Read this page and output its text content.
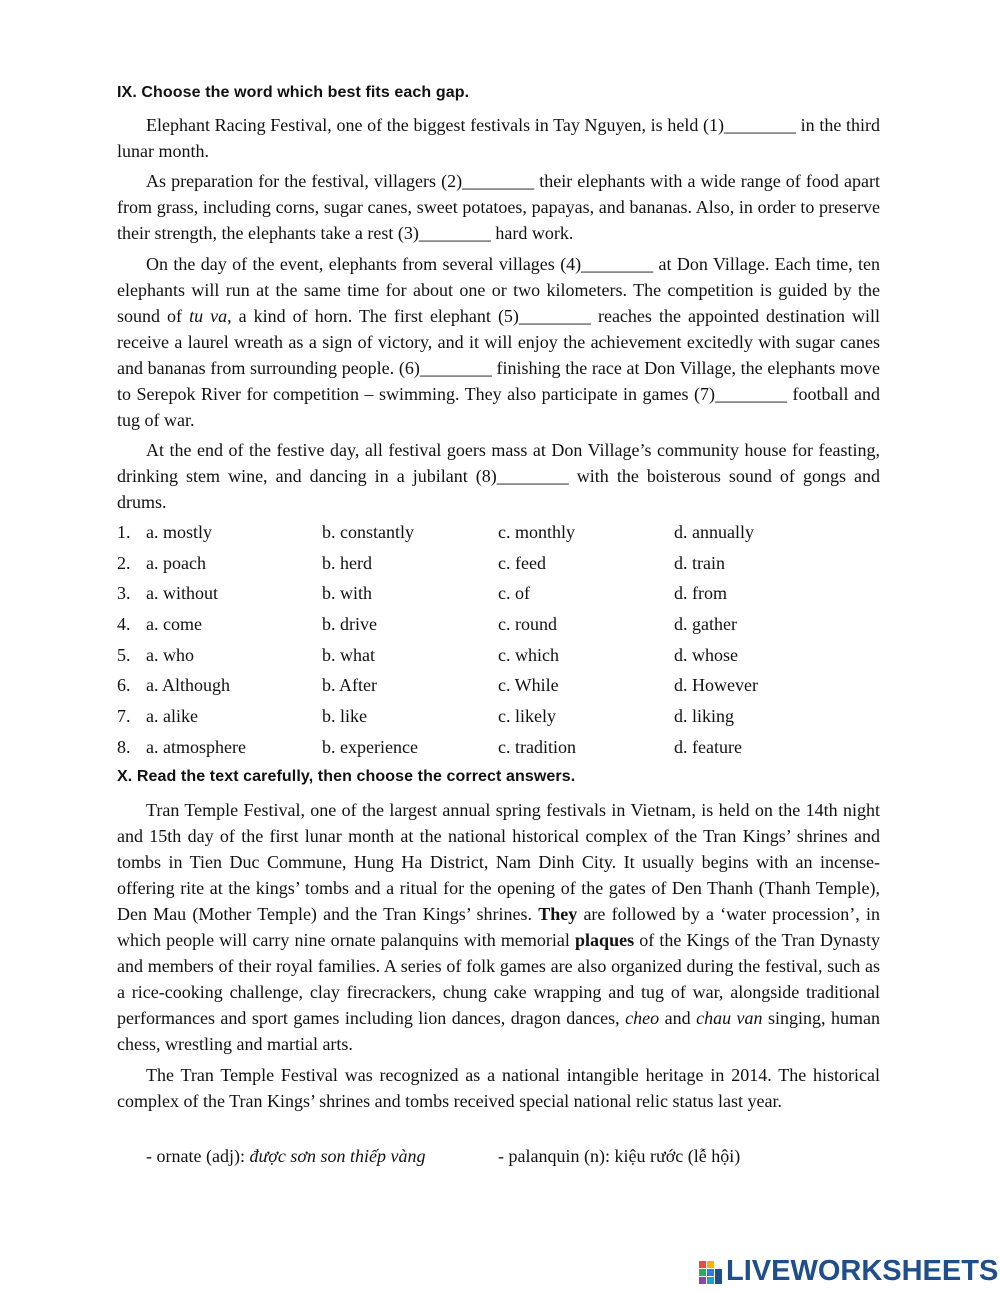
IX. Choose the word which best fits each gap.
Elephant Racing Festival, one of the biggest festivals in Tay Nguyen, is held (1)________ in the third lunar month.
As preparation for the festival, villagers (2)________ their elephants with a wide range of food apart from grass, including corns, sugar canes, sweet potatoes, papayas, and bananas. Also, in order to preserve their strength, the elephants take a rest (3)________ hard work.
On the day of the event, elephants from several villages (4)________ at Don Village. Each time, ten elephants will run at the same time for about one or two kilometers. The competition is guided by the sound of tu va, a kind of horn. The first elephant (5)________ reaches the appointed destination will receive a laurel wreath as a sign of victory, and it will enjoy the achievement excitedly with sugar canes and bananas from surrounding people. (6)________ finishing the race at Don Village, the elephants move to Serepok River for competition – swimming. They also participate in games (7)________ football and tug of war.
At the end of the festive day, all festival goers mass at Don Village’s community house for feasting, drinking stem wine, and dancing in a jubilant (8)________ with the boisterous sound of gongs and drums.
1. a. mostly	b. constantly	c. monthly	d. annually
2. a. poach	b. herd	c. feed	d. train
3. a. without	b. with	c. of	d. from
4. a. come	b. drive	c. round	d. gather
5. a. who	b. what	c. which	d. whose
6. a. Although	b. After	c. While	d. However
7. a. alike	b. like	c. likely	d. liking
8. a. atmosphere	b. experience	c. tradition	d. feature
X. Read the text carefully, then choose the correct answers.
Tran Temple Festival, one of the largest annual spring festivals in Vietnam, is held on the 14th night and 15th day of the first lunar month at the national historical complex of the Tran Kings’ shrines and tombs in Tien Duc Commune, Hung Ha District, Nam Dinh City. It usually begins with an incense-offering rite at the kings’ tombs and a ritual for the opening of the gates of Den Thanh (Thanh Temple), Den Mau (Mother Temple) and the Tran Kings’ shrines. They are followed by a ‘water procession’, in which people will carry nine ornate palanquins with memorial plaques of the Kings of the Tran Dynasty and members of their royal families. A series of folk games are also organized during the festival, such as a rice-cooking challenge, clay firecrackers, chung cake wrapping and tug of war, alongside traditional performances and sport games including lion dances, dragon dances, cheo and chau van singing, human chess, wrestling and martial arts.
The Tran Temple Festival was recognized as a national intangible heritage in 2014. The historical complex of the Tran Kings’ shrines and tombs received special national relic status last year.
- ornate (adj): được sơn son thiếp vàng	- palanquin (n): kiệu rước (lễ hội)
LIVEWORKSHEETS
